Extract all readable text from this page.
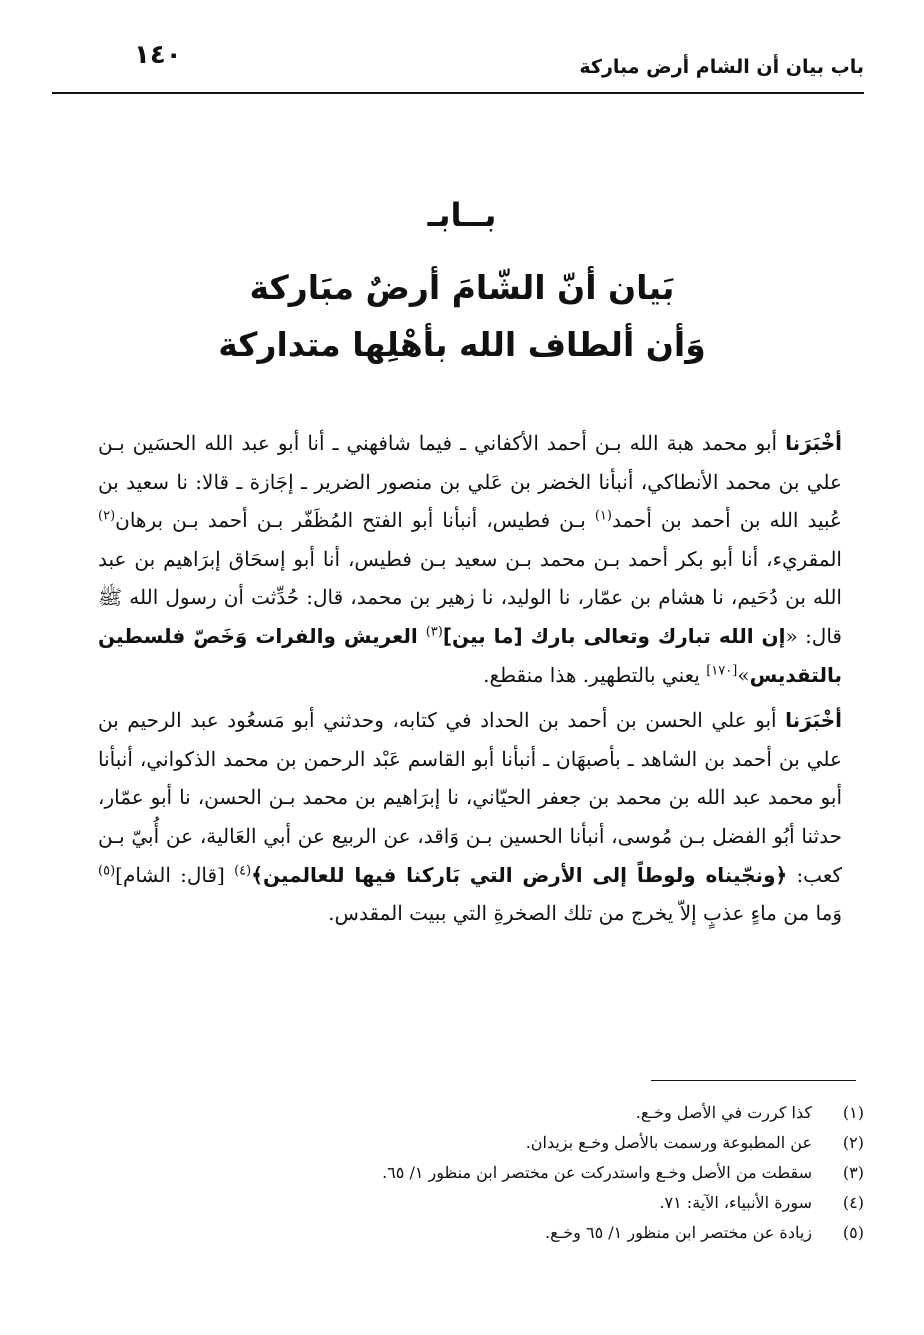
باب بيان أن الشام أرض مباركة
١٤٠
بــابـ
بَيان أنّ الشّامَ أرضٌ مبَاركة
وَأن ألطاف الله بأهْلِها متداركة

أخْبَرَنا أبو محمد هبة الله بـن أحمد الأكفاني ـ فيما شافهني ـ أنا أبو عبد الله الحسَين بـن علي بن محمد الأنطاكي، أنبأنا الخضر بن عَلي بن منصور الضرير ـ إجَازة ـ قالا: نا سعيد بن عُبيد الله بن أحمد بن أحمد$^{(١)}$ بـن فطيس، أنبأنا أبو الفتح المُظَفّر بـن أحمد بـن برهان$^{(٢)}$ المقريء، أنا أبو بكر أحمد بـن محمد بـن سعيد بـن فطيس، أنا أبو إسحَاق إبرَاهيم بن عبد الله بن دُحَيم، نا هشام بن عمّار، نا الوليد، نا زهير بن محمد، قال: حُدِّثت أن رسول الله ﷺ قال: «إن الله تبارك وتعالى بارك [ما بين]$^{(٣)}$ العريش والفرات وَخَصّ فلسطين بالتقديس»[١٧٠] يعني بالتطهير. هذا منقطع.

أخْبَرَنا أبو علي الحسن بن أحمد بن الحداد في كتابه، وحدثني أبو مَسعُود عبد الرحيم بن علي بن أحمد بن الشاهد ـ بأصبهَان ـ أنبأنا أبو القاسم عَبْد الرحمن بن محمد الذكواني، أنبأنا أبو محمد عبد الله بن محمد بن جعفر الحيّاني، نا إبرَاهيم بن محمد بـن الحسن، نا أبو عمّار، حدثنا أبُو الفضل بـن مُوسى، أنبأنا الحسين بـن وَاقد، عن الربيع عن أبي العَالية، عن أُبيّ بـن كعب: ﴿ونجّيناه ولوطاً إلى الأرض التي بَاركنا فيها للعالمين﴾$^{(٤)}$ [قال: الشام]$^{(٥)}$ وَما من ماءٍ عذبٍ إلاّ يخرج من تلك الصخرةِ التي ببيت المقدس.

(١)كذا كررت في الأصل وخـع.
(٢)عن المطبوعة ورسمت بالأصل وخـع بزيدان.
(٣)سقطت من الأصل وخـع واستدركت عن مختصر ابن منظور ١/ ٦٥.
(٤)سورة الأنبياء، الآية: ٧١.
(٥)زيادة عن مختصر ابن منظور ١/ ٦٥ وخـع.
